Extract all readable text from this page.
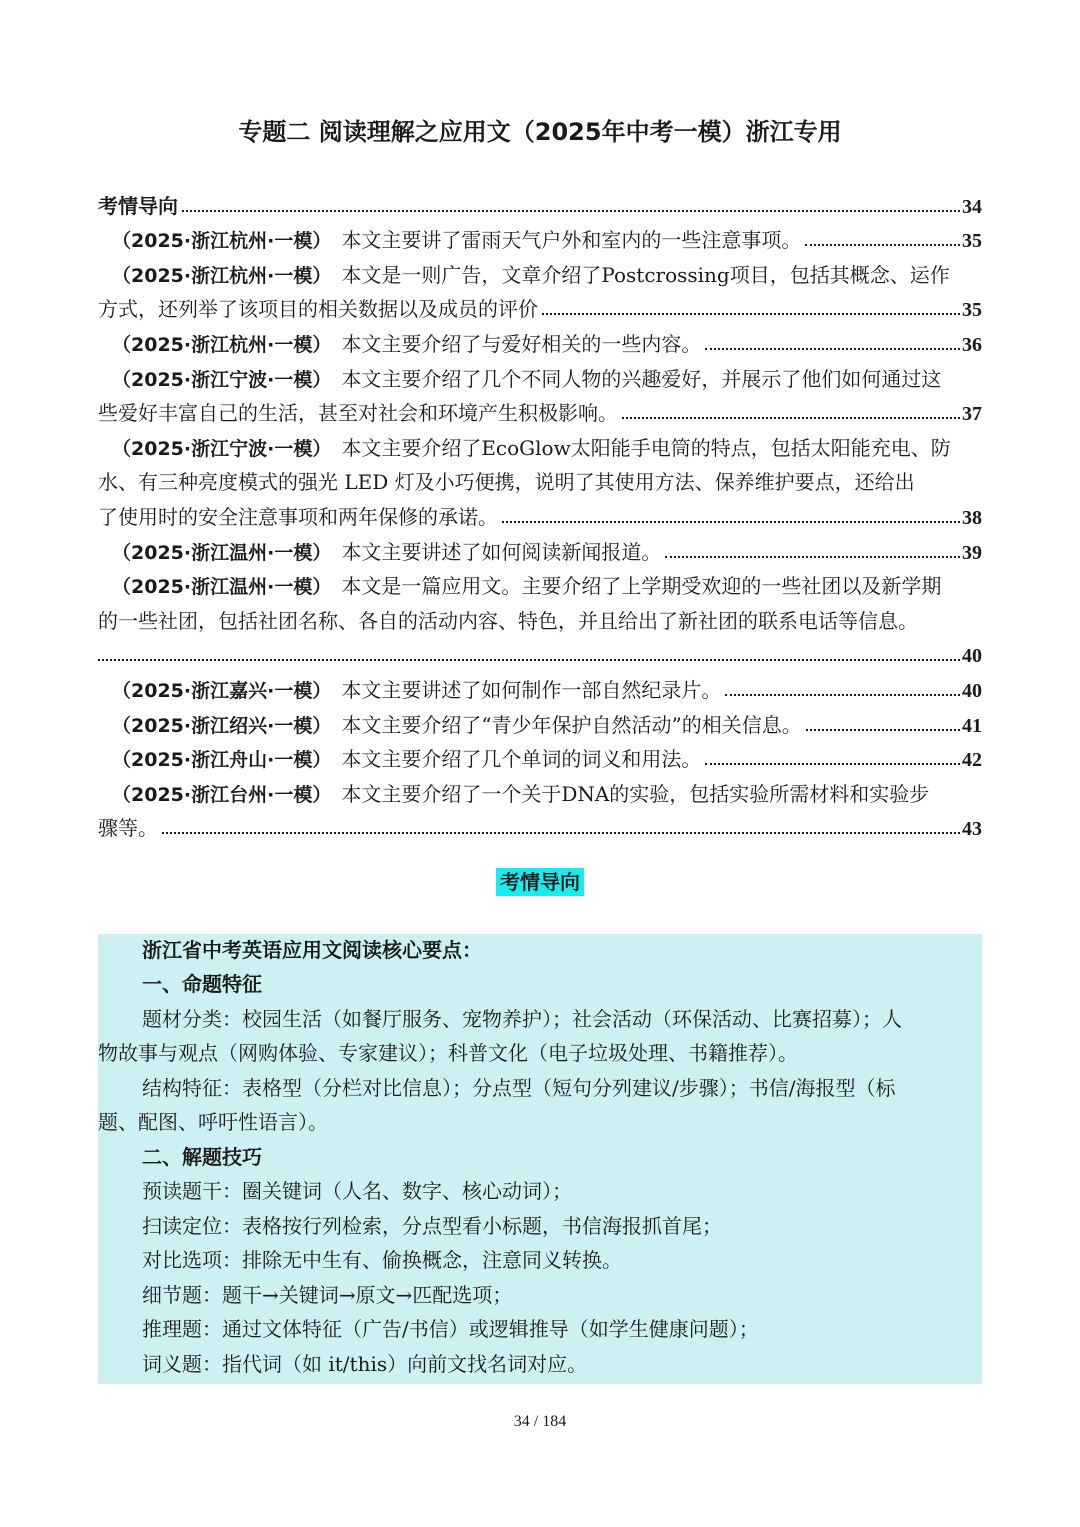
专题二 阅读理解之应用文（2025年中考一模）浙江专用
考情导向	34
（2025·浙江杭州·一模） 本文主要讲了雷雨天气户外和室内的一些注意事项。	35
（2025·浙江杭州·一模） 本文是一则广告，文章介绍了Postcrossing项目，包括其概念、运作
方式，还列举了该项目的相关数据以及成员的评价	35
（2025·浙江杭州·一模） 本文主要介绍了与爱好相关的一些内容。	36
（2025·浙江宁波·一模） 本文主要介绍了几个不同人物的兴趣爱好，并展示了他们如何通过这
些爱好丰富自己的生活，甚至对社会和环境产生积极影响。	37
（2025·浙江宁波·一模） 本文主要介绍了EcoGlow太阳能手电筒的特点，包括太阳能充电、防
水、有三种亮度模式的强光 LED 灯及小巧便携，说明了其使用方法、保养维护要点，还给出
了使用时的安全注意事项和两年保修的承诺。	38
（2025·浙江温州·一模） 本文主要讲述了如何阅读新闻报道。	39
（2025·浙江温州·一模） 本文是一篇应用文。主要介绍了上学期受欢迎的一些社团以及新学期
的一些社团，包括社团名称、各自的活动内容、特色，并且给出了新社团的联系电话等信息。
40
（2025·浙江嘉兴·一模） 本文主要讲述了如何制作一部自然纪录片。	40
（2025·浙江绍兴·一模） 本文主要介绍了“青少年保护自然活动”的相关信息。	41
（2025·浙江舟山·一模） 本文主要介绍了几个单词的词义和用法。	42
（2025·浙江台州·一模） 本文主要介绍了一个关于DNA的实验，包括实验所需材料和实验步
骤等。	43
考情导向
浙江省中考英语应用文阅读核心要点：
一、命题特征
题材分类：校园生活（如餐厅服务、宠物养护）；社会活动（环保活动、比赛招募）；人
物故事与观点（网购体验、专家建议）；科普文化（电子垃圾处理、书籍推荐）。
结构特征：表格型（分栏对比信息）；分点型（短句分列建议/步骤）；书信/海报型（标
题、配图、呼吁性语言）。
二、解题技巧
预读题干：圈关键词（人名、数字、核心动词）；
扫读定位：表格按行列检索，分点型看小标题，书信海报抓首尾；
对比选项：排除无中生有、偷换概念，注意同义转换。
细节题：题干→关键词→原文→匹配选项；
推理题：通过文体特征（广告/书信）或逻辑推导（如学生健康问题）；
词义题：指代词（如 it/this）向前文找名词对应。
34 / 184
